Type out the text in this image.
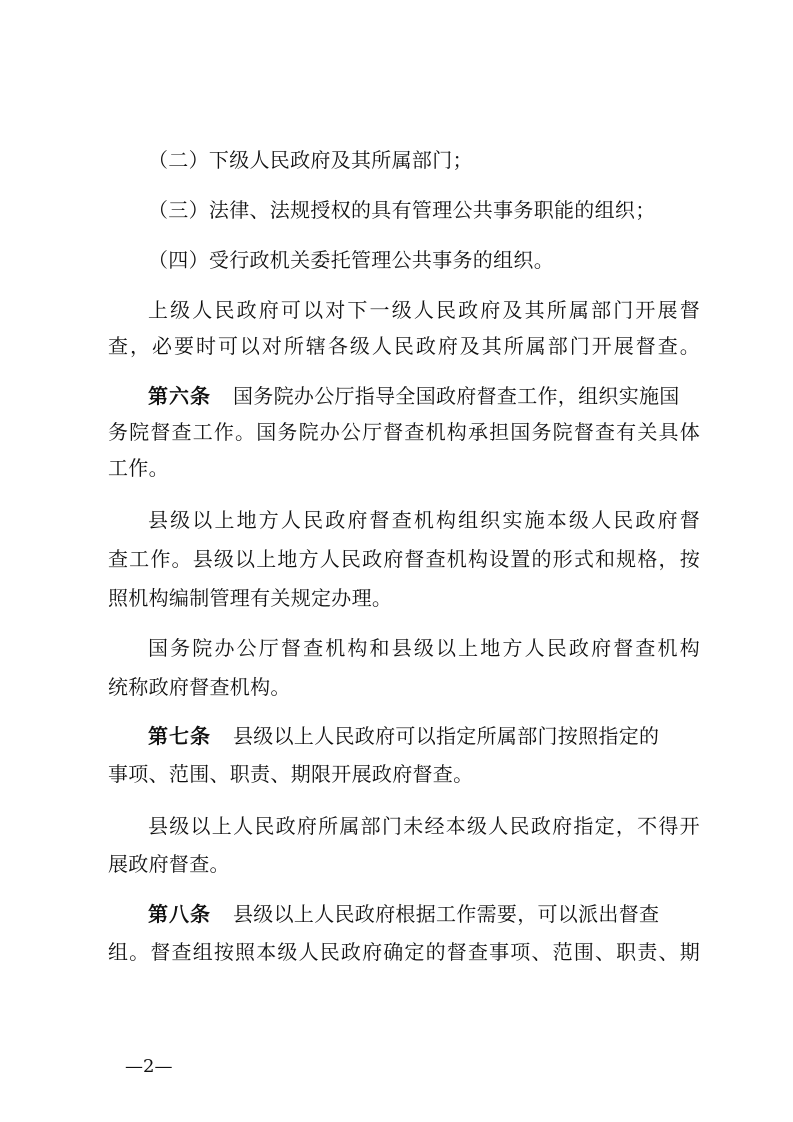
（二）下级人民政府及其所属部门；
（三）法律、法规授权的具有管理公共事务职能的组织；
（四）受行政机关委托管理公共事务的组织。
上级人民政府可以对下一级人民政府及其所属部门开展督
查，必要时可以对所辖各级人民政府及其所属部门开展督查。
第六条 国务院办公厅指导全国政府督查工作，组织实施国
务院督查工作。国务院办公厅督查机构承担国务院督查有关具体
工作。
县级以上地方人民政府督查机构组织实施本级人民政府督
查工作。县级以上地方人民政府督查机构设置的形式和规格，按
照机构编制管理有关规定办理。
国务院办公厅督查机构和县级以上地方人民政府督查机构
统称政府督查机构。
第七条 县级以上人民政府可以指定所属部门按照指定的
事项、范围、职责、期限开展政府督查。
县级以上人民政府所属部门未经本级人民政府指定，不得开
展政府督查。
第八条 县级以上人民政府根据工作需要，可以派出督查
组。督查组按照本级人民政府确定的督查事项、范围、职责、期
—2—
